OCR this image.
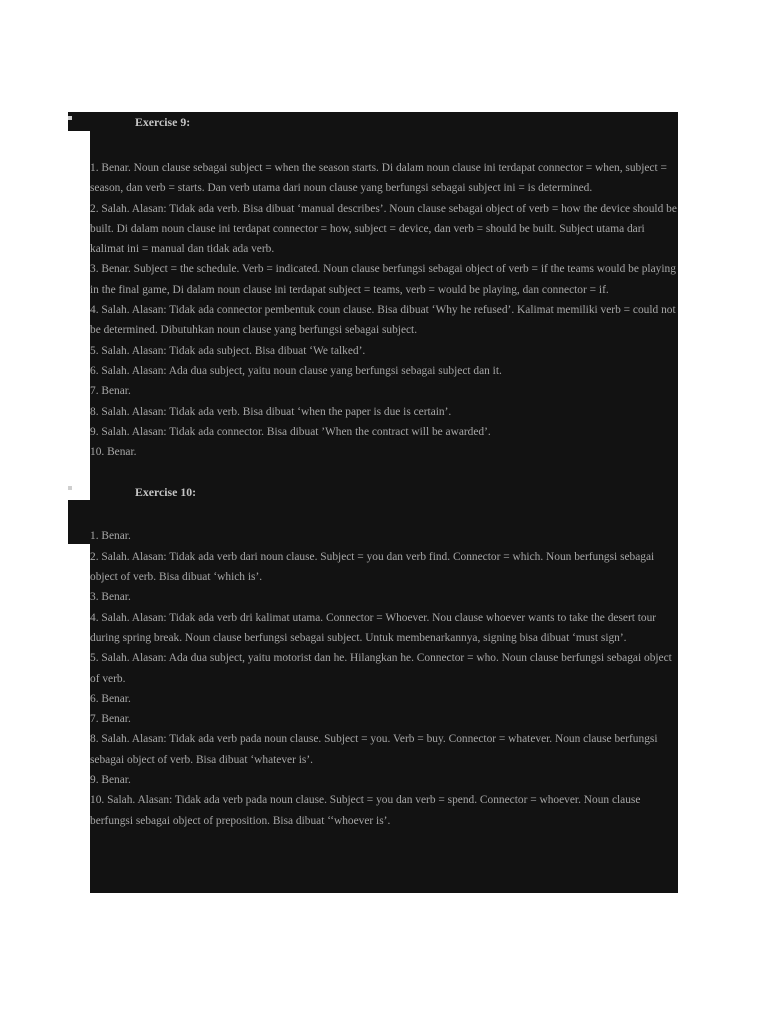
Exercise 9:
1. Benar. Noun clause sebagai subject = when the season starts. Di dalam noun clause ini terdapat connector = when, subject = season, dan verb = starts. Dan verb utama dari noun clause yang berfungsi sebagai subject ini = is determined.
2. Salah. Alasan: Tidak ada verb. Bisa dibuat ‘manual describes’. Noun clause sebagai object of verb = how the device should be built. Di dalam noun clause ini terdapat connector = how, subject = device, dan verb = should be built. Subject utama dari kalimat ini = manual dan tidak ada verb.
3. Benar. Subject = the schedule. Verb = indicated. Noun clause berfungsi sebagai object of verb = if the teams would be playing in the final game, Di dalam noun clause ini terdapat subject = teams, verb = would be playing, dan connector = if.
4. Salah. Alasan: Tidak ada connector pembentuk coun clause. Bisa dibuat ‘Why he refused’. Kalimat memiliki verb = could not be determined. Dibutuhkan noun clause yang berfungsi sebagai subject.
5. Salah. Alasan: Tidak ada subject. Bisa dibuat ‘We talked’.
6. Salah. Alasan: Ada dua subject, yaitu noun clause yang berfungsi sebagai subject dan it.
7. Benar.
8. Salah. Alasan: Tidak ada verb. Bisa dibuat ‘when the paper is due is certain’.
9. Salah. Alasan: Tidak ada connector. Bisa dibuat ’When the contract will be awarded’.
10. Benar.
Exercise 10:
1. Benar.
2. Salah. Alasan: Tidak ada verb dari noun clause. Subject = you dan verb find. Connector = which. Noun berfungsi sebagai object of verb. Bisa dibuat ‘which is’.
3. Benar.
4. Salah. Alasan: Tidak ada verb dri kalimat utama. Connector = Whoever. Nou clause whoever wants to take the desert tour during spring break. Noun clause berfungsi sebagai subject. Untuk membenarkannya, signing bisa dibuat ‘must sign’.
5. Salah. Alasan: Ada dua subject, yaitu motorist dan he. Hilangkan he. Connector = who. Noun clause berfungsi sebagai object of verb.
6. Benar.
7. Benar.
8. Salah. Alasan: Tidak ada verb pada noun clause. Subject = you. Verb = buy. Connector = whatever. Noun clause berfungsi sebagai object of verb. Bisa dibuat ‘whatever is’.
9. Benar.
10. Salah. Alasan: Tidak ada verb pada noun clause. Subject = you dan verb = spend. Connector = whoever. Noun clause berfungsi sebagai object of preposition. Bisa dibuat ‘‘whoever is’.
